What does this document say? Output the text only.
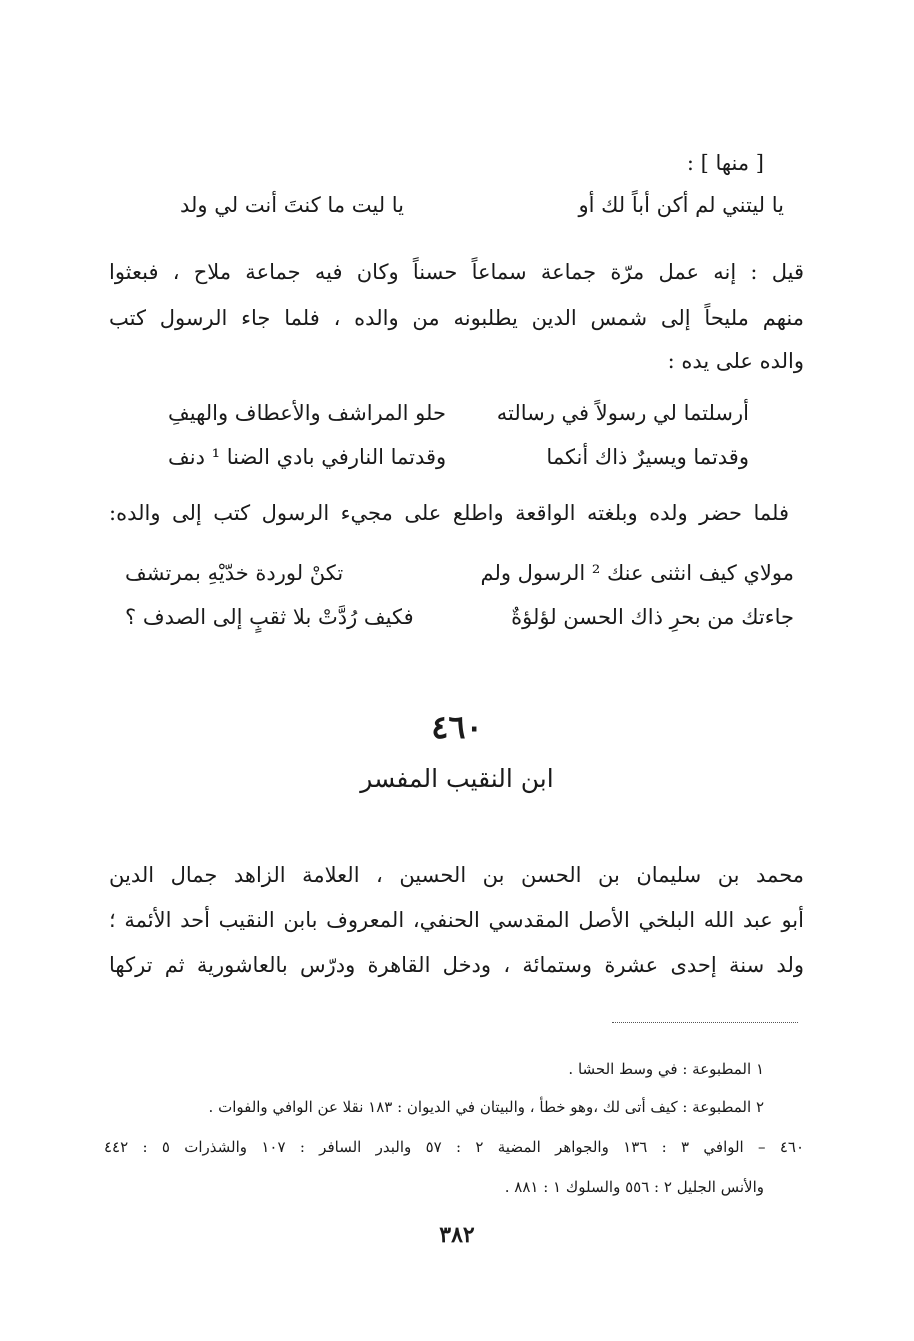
[ منها ] :
يا ليتني لم أكن أباً لك أو
يا ليت ما كنتَ أنت لي ولد
قيل : إنه عمل مرّة جماعة سماعاً حسناً وكان فيه جماعة ملاح ، فبعثوا
منهم مليحاً إلى شمس الدين يطلبونه من والده ، فلما جاء الرسول كتب
والده على يده :
أرسلتما لي رسولاً في رسالته
حلو المراشف والأعطاف والهيفِ
وقدتما ويسيرٌ ذاك أنكما
وقدتما النارفي بادي الضنا ¹ دنف
فلما حضر ولده وبلغته الواقعة واطلع على مجيء الرسول كتب إلى والده:
مولاي كيف انثنى عنك ² الرسول ولم
تكنْ لوردة خدّيْهِ بمرتشف
جاءتك من بحرِ ذاك الحسن لؤلؤةٌ
فكيف رُدَّتْ بلا ثقبٍ إلى الصدف ؟
٤٦٠
ابن النقيب المفسر
محمد بن سليمان بن الحسن بن الحسين ، العلامة الزاهد جمال الدين
أبو عبد الله البلخي الأصل المقدسي الحنفي، المعروف بابن النقيب أحد الأئمة ؛
ولد سنة إحدى عشرة وستمائة ، ودخل القاهرة ودرّس بالعاشورية ثم تركها
١ المطبوعة : في وسط الحشا .
٢ المطبوعة : كيف أتى لك ،وهو خطأ ، والبيتان في الديوان : ١٨٣ نقلا عن الوافي والفوات .
٤٦٠ – الوافي ٣ : ١٣٦ والجواهر المضية ٢ : ٥٧ والبدر السافر : ١٠٧ والشذرات ٥ : ٤٤٢
والأنس الجليل ٢ : ٥٥٦ والسلوك ١ : ٨٨١ .
٣٨٢
